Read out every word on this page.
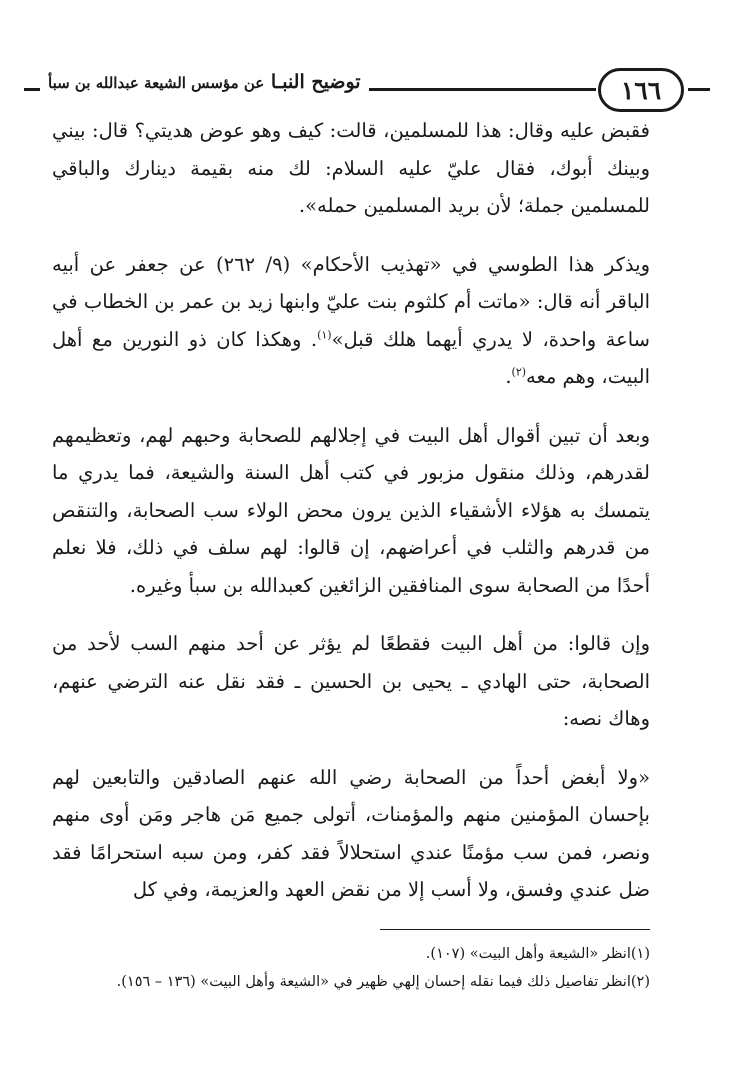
١٦٦
توضيح النبـا عن مؤسس الشيعة عبدالله بن سبأ

فقبض عليه وقال: هذا للمسلمين، قالت: كيف وهو عوض هديتي؟ قال: بيني وبينك أبوك، فقال عليّ عليه السلام: لك منه بقيمة دينارك والباقي للمسلمين جملة؛ لأن بريد المسلمين حمله».

ويذكر هذا الطوسي في «تهذيب الأحكام» (٩/ ٢٦٢) عن جعفر عن أبيه الباقر أنه قال: «ماتت أم كلثوم بنت عليّ وابنها زيد بن عمر بن الخطاب في ساعة واحدة، لا يدري أيهما هلك قبل»$^{(١)}$. وهكذا كان ذو النورين مع أهل البيت، وهم معه$^{(٢)}$.

وبعد أن تبين أقوال أهل البيت في إجلالهم للصحابة وحبهم لهم، وتعظيمهم لقدرهم، وذلك منقول مزبور في كتب أهل السنة والشيعة، فما يدري ما يتمسك به هؤلاء الأشقياء الذين يرون محض الولاء سب الصحابة، والتنقص من قدرهم والثلب في أعراضهم، إن قالوا: لهم سلف في ذلك، فلا نعلم أحدًا من الصحابة سوى المنافقين الزائغين كعبدالله بن سبأ وغيره.

وإن قالوا: من أهل البيت فقطعًا لم يؤثر عن أحد منهم السب لأحد من الصحابة، حتى الهادي ـ يحيى بن الحسين ـ فقد نقل عنه الترضي عنهم، وهاك نصه:

«ولا أبغض أحداً من الصحابة رضي الله عنهم الصادقين والتابعين لهم بإحسان المؤمنين منهم والمؤمنات، أتولى جميع مَن هاجر ومَن أوى منهم ونصر، فمن سب مؤمنًا عندي استحلالاً فقد كفر، ومن سبه استحرامًا فقد ضل عندي وفسق، ولا أسب إلا من نقض العهد والعزيمة، وفي كل

(١)انظر «الشيعة وأهل البيت» (١٠٧).

(٢)انظر تفاصيل ذلك فيما نقله إحسان إلهي ظهير في «الشيعة وأهل البيت» (١٣٦ – ١٥٦).
